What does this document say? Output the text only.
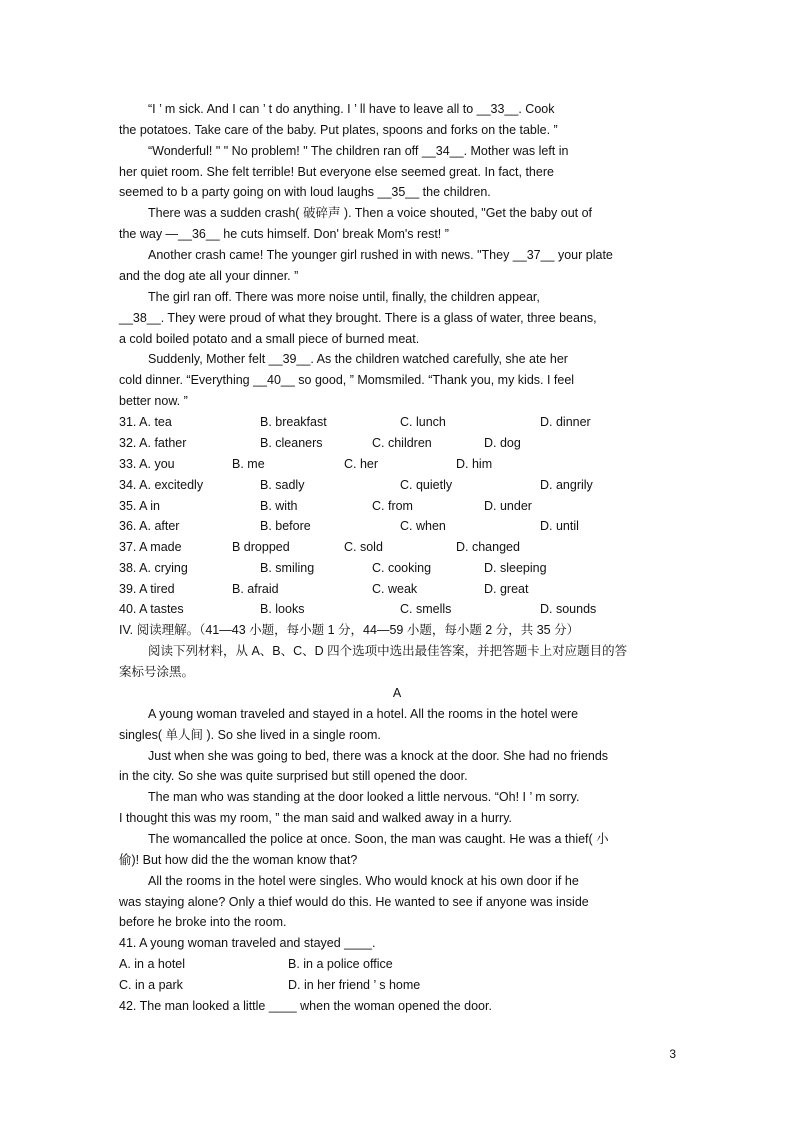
“I ’ m sick. And I can ’ t do anything. I ’ ll have to leave all to __33__. Cook
the potatoes. Take care of the baby. Put plates, spoons and forks on the table. ”
“Wonderful! " " No problem! " The children ran off __34__. Mother was left in
her quiet room. She felt terrible! But everyone else seemed great. In fact, there
seemed to b a party going on with loud laughs __35__ the children.
There was a sudden crash( 破碎声 ). Then a voice shouted, "Get the baby out of
the way —__36__ he cuts himself. Don' break Mom's rest! ”
Another crash came! The younger girl rushed in with news. "They __37__ your plate
and the dog ate all your dinner. ”
The girl ran off. There was more noise until, finally, the children appear,
__38__. They were proud of what they brought. There is a glass of water, three beans,
a cold boiled potato and a small piece of burned meat.
Suddenly, Mother felt __39__. As the children watched carefully, she ate her
cold dinner. “Everything __40__ so good, ” Momsmiled. “Thank you, my kids. I feel
better now. ”
31. A. tea	B. breakfast	C. lunch	D. dinner
32. A. father	B. cleaners	C. children	D. dog
33. A. you	B. me	C. her	D. him
34. A. excitedly	B. sadly	C. quietly	D. angrily
35. A in	B. with	C. from	D. under
36. A. after	B. before	C. when	D. until
37. A made	B dropped	C. sold	D. changed
38. A. crying	B. smiling	C. cooking	D. sleeping
39. A tired	B. afraid	C. weak	D. great
40. A tastes	B. looks	C. smells	D. sounds
IV. 阅读理解。（41—43 小题，每小题 1 分，44—59 小题，每小题 2 分，共 35 分）
阅读下列材料，从 A、B、C、D 四个选项中选出最佳答案，并把答题卡上对应题目的答
案标号涂黑。
A
A young woman traveled and stayed in a hotel. All the rooms in the hotel were
singles( 单人间 ). So she lived in a single room.
Just when she was going to bed, there was a knock at the door. She had no friends
in the city. So she was quite surprised but still opened the door.
The man who was standing at the door looked a little nervous. “Oh! I ’ m sorry.
I thought this was my room, ” the man said and walked away in a hurry.
The womancalled the police at once. Soon, the man was caught. He was a thief( 小
偷)! But how did the the woman know that?
All the rooms in the hotel were singles. Who would knock at his own door if he
was staying alone? Only a thief would do this. He wanted to see if anyone was inside
before he broke into the room.
41. A young woman traveled and stayed ____.
A. in a hotel	B. in a police office
C. in a park	D. in her friend ’ s home
42. The man looked a little ____ when the woman opened the door.
3
